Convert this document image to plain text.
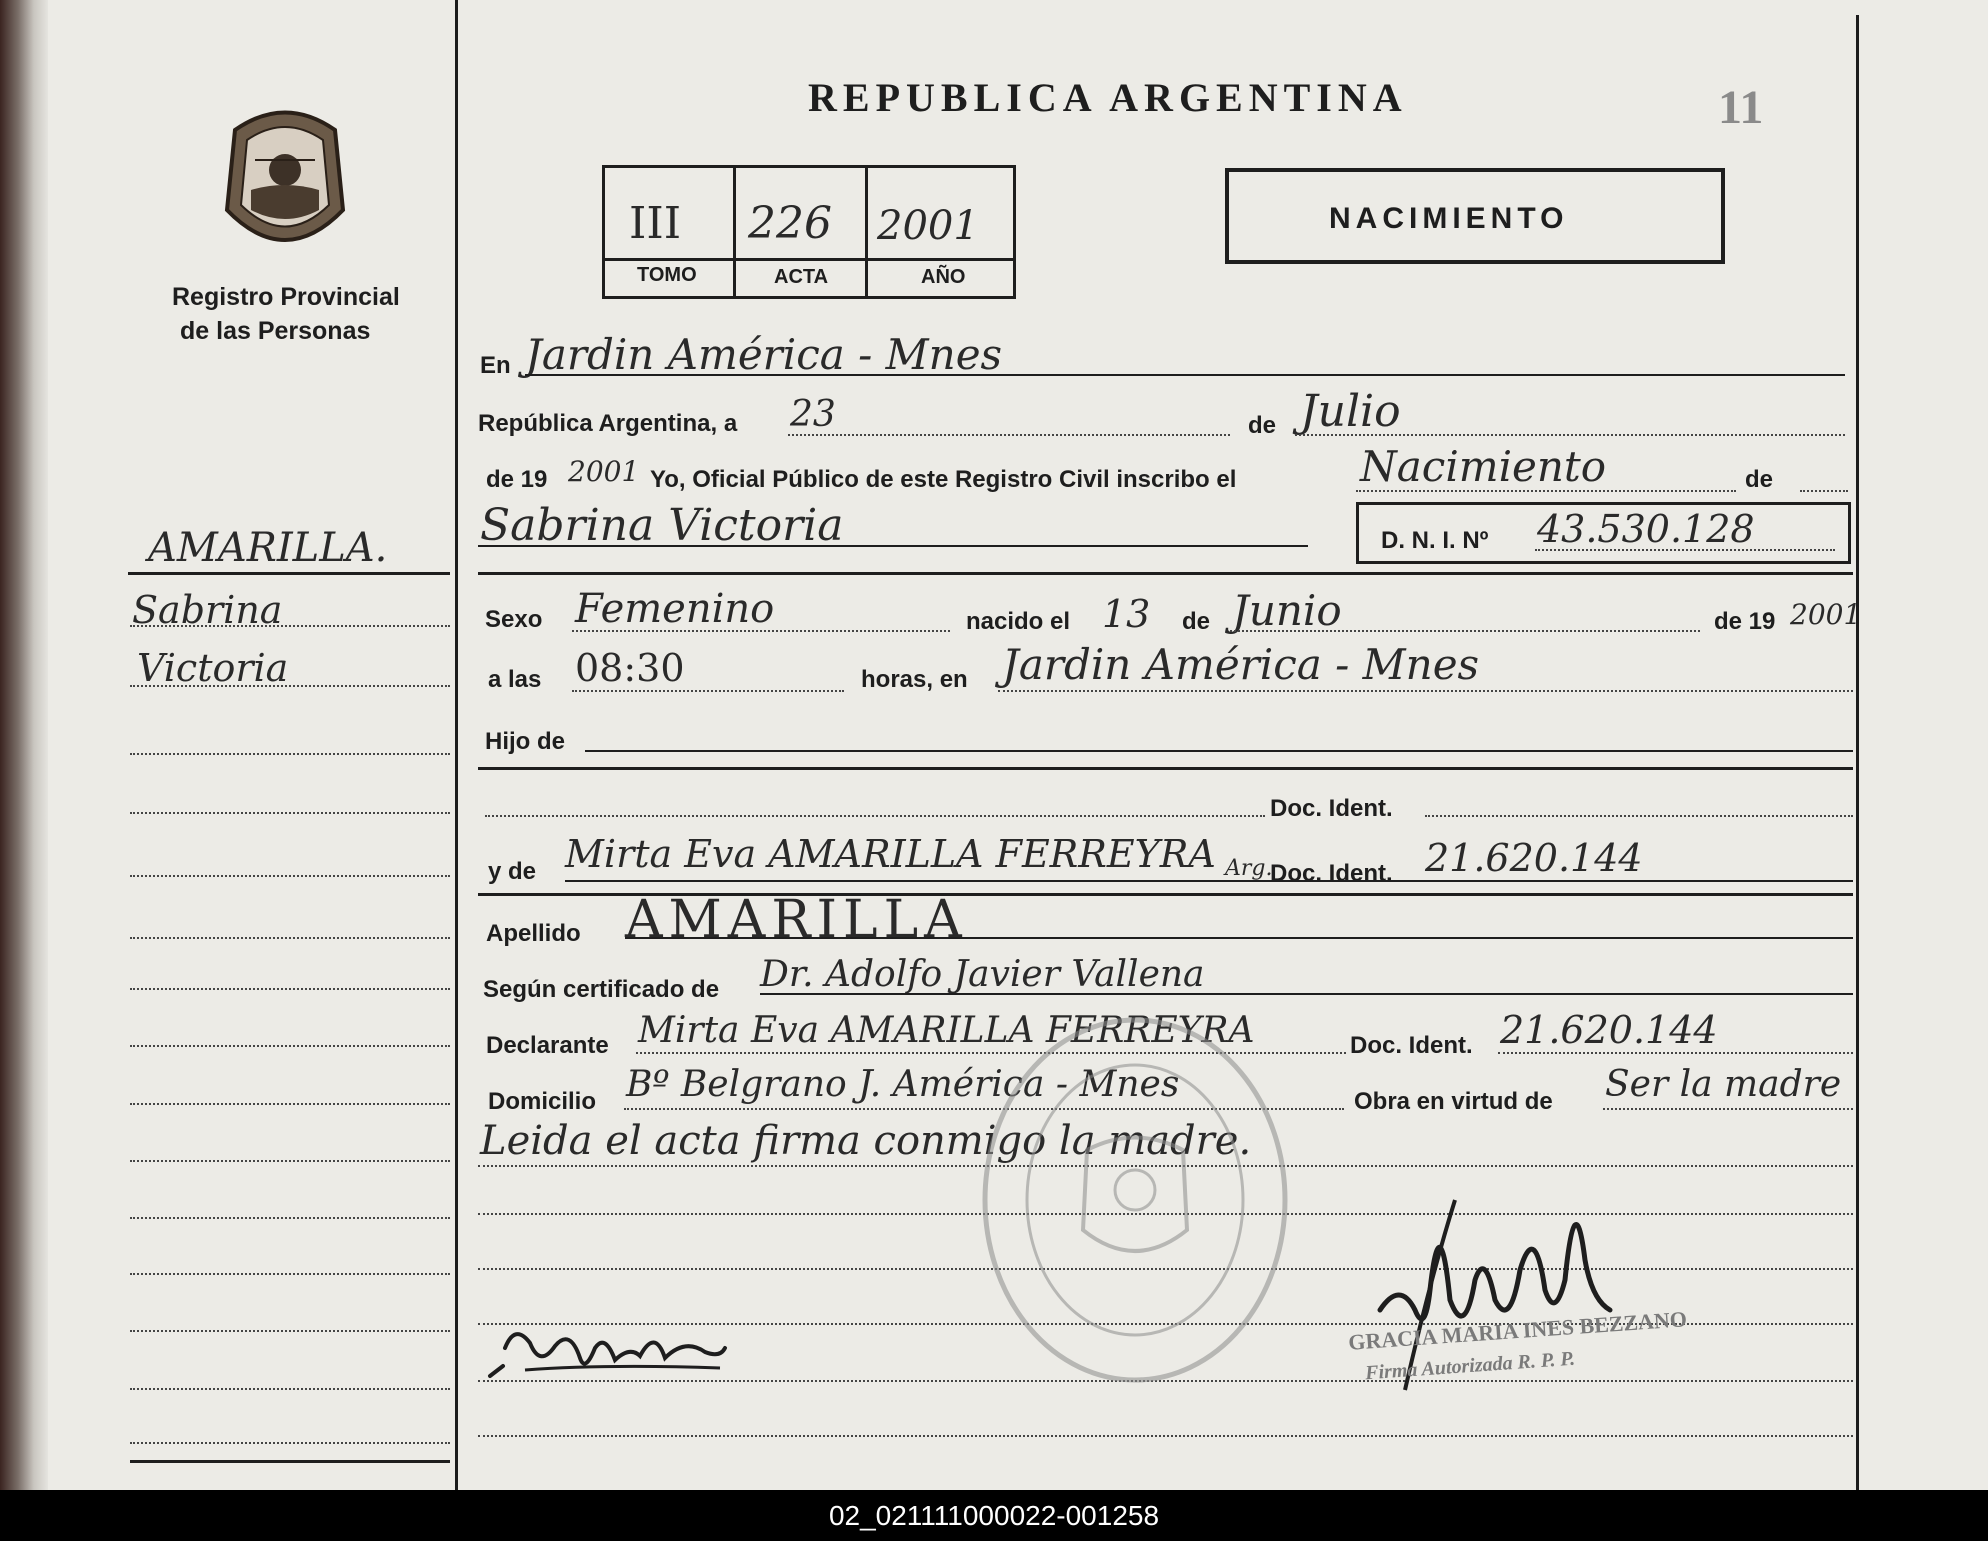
Registro Provincial
de las Personas
AMARILLA.
Sabrina
Victoria
REPUBLICA ARGENTINA	11
III 226 2001
TOMO	ACTA	AÑO
NACIMIENTO
En Jardin América - Mnes
República Argentina, a 23	de Julio
de 19 2001 Yo, Oficial Público de este Registro Civil inscribo el	Nacimiento	de
Sabrina Victoria	D. N. I. Nº 43.530.128
Sexo Femenino	nacido el 13 de Junio	de 19 2001
a las 08:30	horas, en Jardin América - Mnes
Hijo de
Doc. Ident.
y de Mirta Eva AMARILLA FERREYRA Arg.
Doc. Ident. 21.620.144
Apellido AMARILLA
Según certificado de Dr. Adolfo Javier Vallena
Declarante Mirta Eva AMARILLA FERREYRA	Doc. Ident. 21.620.144
Domicilio Bº Belgrano J. América - Mnes	Obra en virtud de Ser la madre
Leida el acta firma conmigo la madre.
GRACIA MARIA INES BEZZANO
Firma Autorizada R. P. P.
02_021111000022-001258
